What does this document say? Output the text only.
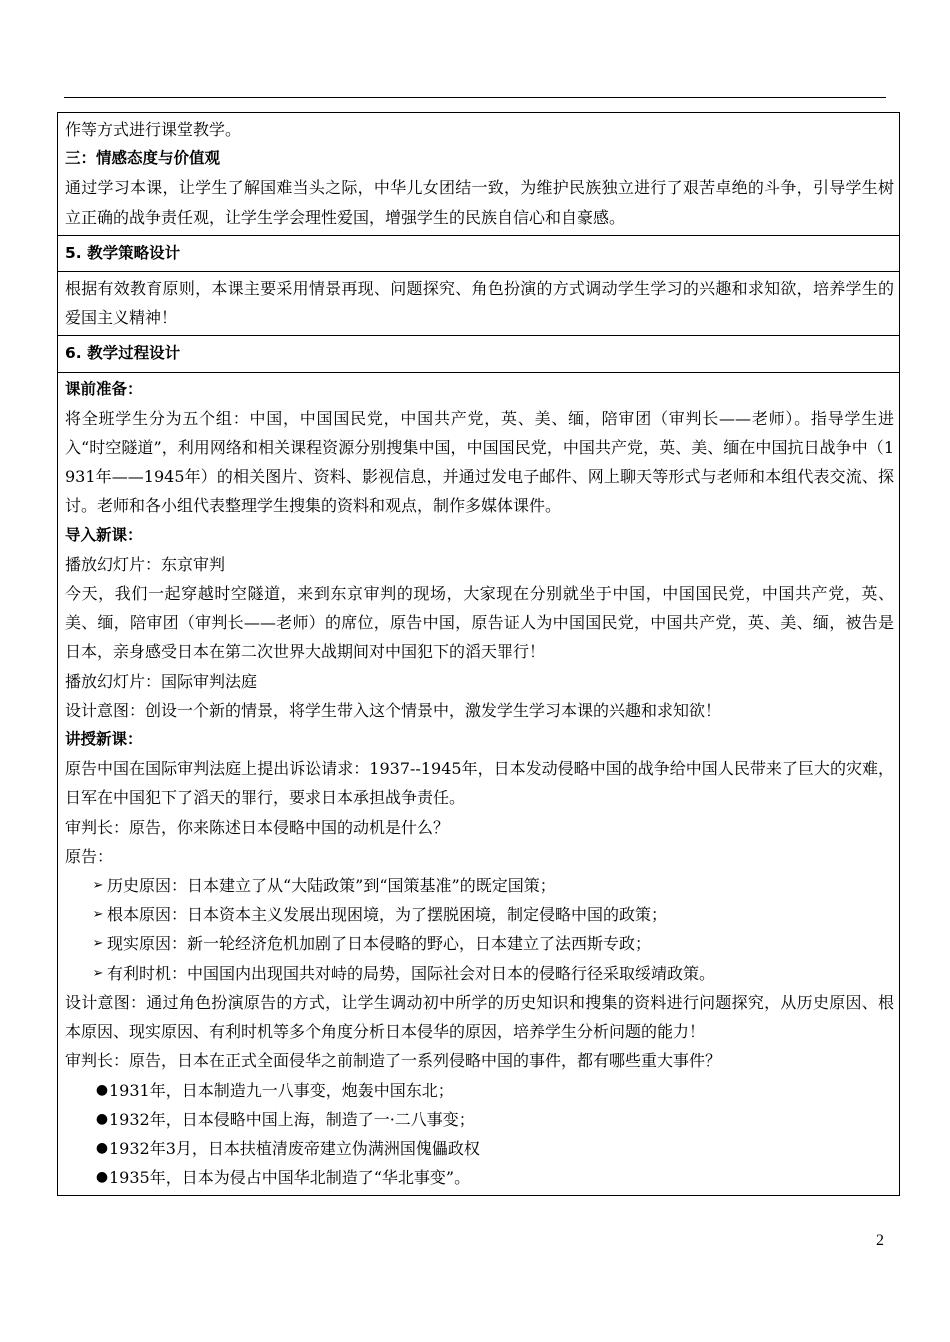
作等方式进行课堂教学。

三：情感态度与价值观

通过学习本课，让学生了解国难当头之际，中华儿女团结一致，为维护民族独立进行了艰苦卓绝的斗争，引导学生树立正确的战争责任观，让学生学会理性爱国，增强学生的民族自信心和自豪感。

5. 教学策略设计

根据有效教育原则，本课主要采用情景再现、问题探究、角色扮演的方式调动学生学习的兴趣和求知欲，培养学生的爱国主义精神！

6. 教学过程设计

课前准备：

将全班学生分为五个组：中国，中国国民党，中国共产党，英、美、缅，陪审团（审判长——老师）。指导学生进入“时空隧道”，利用网络和相关课程资源分别搜集中国，中国国民党，中国共产党，英、美、缅在中国抗日战争中（1931年——1945年）的相关图片、资料、影视信息，并通过发电子邮件、网上聊天等形式与老师和本组代表交流、探讨。老师和各小组代表整理学生搜集的资料和观点，制作多媒体课件。

导入新课：

播放幻灯片：东京审判

今天，我们一起穿越时空隧道，来到东京审判的现场，大家现在分别就坐于中国，中国国民党，中国共产党，英、美、缅，陪审团（审判长——老师）的席位，原告中国，原告证人为中国国民党，中国共产党，英、美、缅，被告是日本，亲身感受日本在第二次世界大战期间对中国犯下的滔天罪行！

播放幻灯片：国际审判法庭

设计意图：创设一个新的情景，将学生带入这个情景中，激发学生学习本课的兴趣和求知欲！

讲授新课：

原告中国在国际审判法庭上提出诉讼请求：1937--1945年，日本发动侵略中国的战争给中国人民带来了巨大的灾难，日军在中国犯下了滔天的罪行，要求日本承担战争责任。

审判长：原告，你来陈述日本侵略中国的动机是什么？

原告：

➢ 历史原因：日本建立了从“大陆政策”到“国策基准”的既定国策；
➢ 根本原因：日本资本主义发展出现困境，为了摆脱困境，制定侵略中国的政策；
➢ 现实原因：新一轮经济危机加剧了日本侵略的野心，日本建立了法西斯专政；
➢ 有利时机：中国国内出现国共对峙的局势，国际社会对日本的侵略行径采取绥靖政策。

设计意图：通过角色扮演原告的方式，让学生调动初中所学的历史知识和搜集的资料进行问题探究，从历史原因、根本原因、现实原因、有利时机等多个角度分析日本侵华的原因，培养学生分析问题的能力！

审判长：原告，日本在正式全面侵华之前制造了一系列侵略中国的事件，都有哪些重大事件？

● 1931年，日本制造九一八事变，炮轰中国东北；
● 1932年，日本侵略中国上海，制造了一·二八事变；
● 1932年3月，日本扶植清废帝建立伪满洲国傀儡政权
● 1935年，日本为侵占中国华北制造了“华北事变”。
2
